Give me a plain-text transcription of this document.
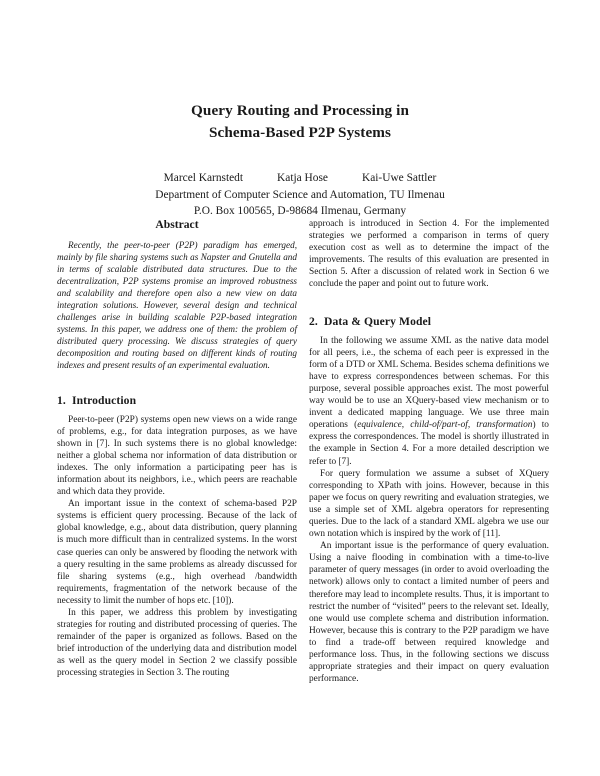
Query Routing and Processing in
Schema-Based P2P Systems
Marcel Karnstedt	Katja Hose	Kai-Uwe Sattler
Department of Computer Science and Automation, TU Ilmenau
P.O. Box 100565, D-98684 Ilmenau, Germany
Abstract

Recently, the peer-to-peer (P2P) paradigm has emerged, mainly by file sharing systems such as Napster and Gnutella and in terms of scalable distributed data structures. Due to the decentralization, P2P systems promise an improved robustness and scalability and therefore open also a new view on data integration solutions. However, several design and technical challenges arise in building scalable P2P-based integration systems. In this paper, we address one of them: the problem of distributed query processing. We discuss strategies of query decomposition and routing based on different kinds of routing indexes and present results of an experimental evaluation.

1. Introduction

Peer-to-peer (P2P) systems open new views on a wide range of problems, e.g., for data integration purposes, as we have shown in [7]. In such systems there is no global knowledge: neither a global schema nor information of data distribution or indexes. The only information a participating peer has is information about its neighbors, i.e., which peers are reachable and which data they provide.

An important issue in the context of schema-based P2P systems is efficient query processing. Because of the lack of global knowledge, e.g., about data distribution, query planning is much more difficult than in centralized systems. In the worst case queries can only be answered by flooding the network with a query resulting in the same problems as already discussed for file sharing systems (e.g., high overhead /bandwidth requirements, fragmentation of the network because of the necessity to limit the number of hops etc. [10]).

In this paper, we address this problem by investigating strategies for routing and distributed processing of queries. The remainder of the paper is organized as follows. Based on the brief introduction of the underlying data and distribution model as well as the query model in Section 2 we classify possible processing strategies in Section 3. The routing

approach is introduced in Section 4. For the implemented strategies we performed a comparison in terms of query execution cost as well as to determine the impact of the improvements. The results of this evaluation are presented in Section 5. After a discussion of related work in Section 6 we conclude the paper and point out to future work.

2. Data & Query Model

In the following we assume XML as the native data model for all peers, i.e., the schema of each peer is expressed in the form of a DTD or XML Schema. Besides schema definitions we have to express correspondences between schemas. For this purpose, several possible approaches exist. The most powerful way would be to use an XQuery-based view mechanism or to invent a dedicated mapping language. We use three main operations (equivalence, child-of/part-of, transformation) to express the correspondences. The model is shortly illustrated in the example in Section 4. For a more detailed description we refer to [7].

For query formulation we assume a subset of XQuery corresponding to XPath with joins. However, because in this paper we focus on query rewriting and evaluation strategies, we use a simple set of XML algebra operators for representing queries. Due to the lack of a standard XML algebra we use our own notation which is inspired by the work of [11].

An important issue is the performance of query evaluation. Using a naive flooding in combination with a time-to-live parameter of query messages (in order to avoid overloading the network) allows only to contact a limited number of peers and therefore may lead to incomplete results. Thus, it is important to restrict the number of “visited” peers to the relevant set. Ideally, one would use complete schema and distribution information. However, because this is contrary to the P2P paradigm we have to find a trade-off between required knowledge and performance loss. Thus, in the following sections we discuss appropriate strategies and their impact on query evaluation performance.
